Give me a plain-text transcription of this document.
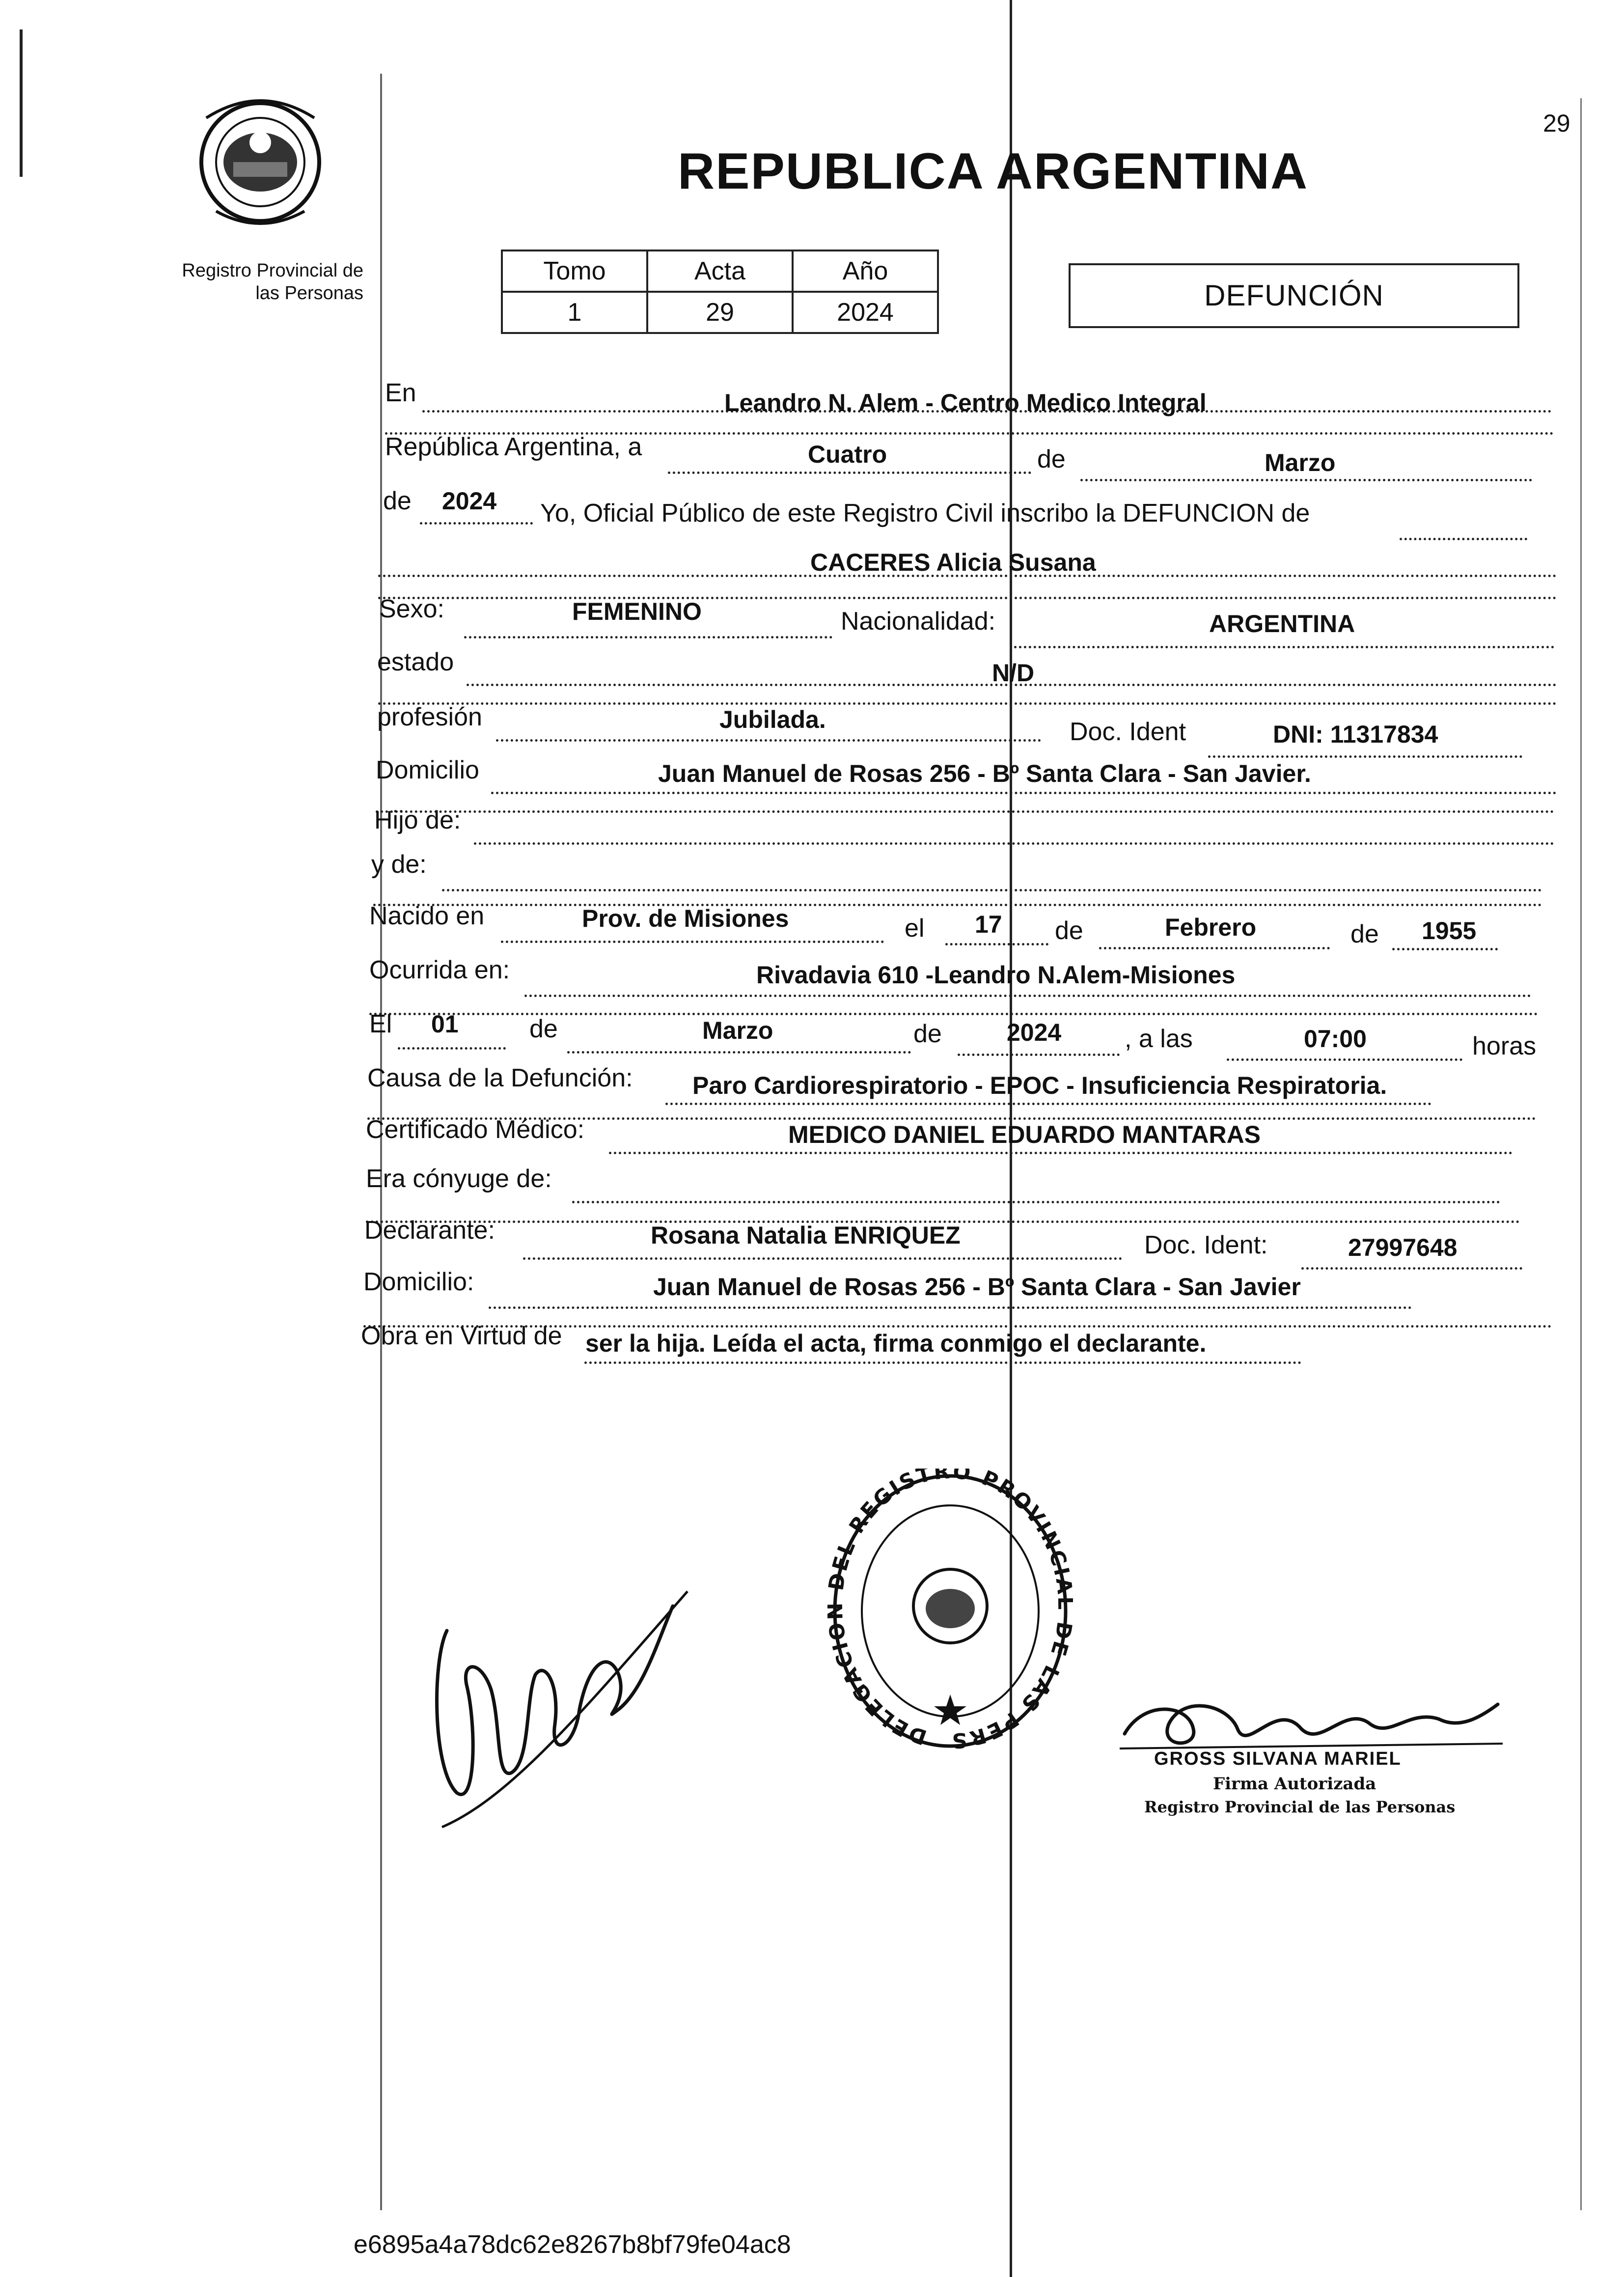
Registro Provincial de
las Personas
29
REPUBLICA ARGENTINA
Tomo	Acta	Año
1	29	2024
DEFUNCIÓN
En	Leandro N. Alem - Centro Medico Integral
República Argentina, a	Cuatro	de	Marzo
de 2024 Yo, Oficial Público de este Registro Civil inscribo la DEFUNCION de
CACERES Alicia Susana
Sexo:	FEMENINO	Nacionalidad:	ARGENTINA
estado	N/D
profesión	Jubilada.	Doc. Ident	DNI: 11317834
Domicilio	Juan Manuel de Rosas 256 - Bº Santa Clara - San Javier.
Hijo de:
y de:
Nacido en	Prov. de Misiones	el 17 de	Febrero	de 1955
Ocurrida en:	Rivadavia 610 -Leandro N.Alem-Misiones
El 01	de	Marzo	de	2024 , a las	07:00	horas
Causa de la Defunción: Paro Cardiorespiratorio - EPOC - Insuficiencia Respiratoria.
Certificado Médico:	MEDICO DANIEL EDUARDO MANTARAS
Era cónyuge de:
Declarante:	Rosana Natalia ENRIQUEZ	Doc. Ident:	27997648
Domicilio:	Juan Manuel de Rosas 256 - Bº Santa Clara - San Javier
Obra en Virtud de ser la hija. Leída el acta, firma conmigo el declarante.
DELEGACI EL REGISTRO PROVINCI E LAS PERS
GROSS SILVANA MARIEL
Firma Autorizada
Registro Provincial de las Personas
e6895a4a78dc62e8267b8bf79fe04ac8
